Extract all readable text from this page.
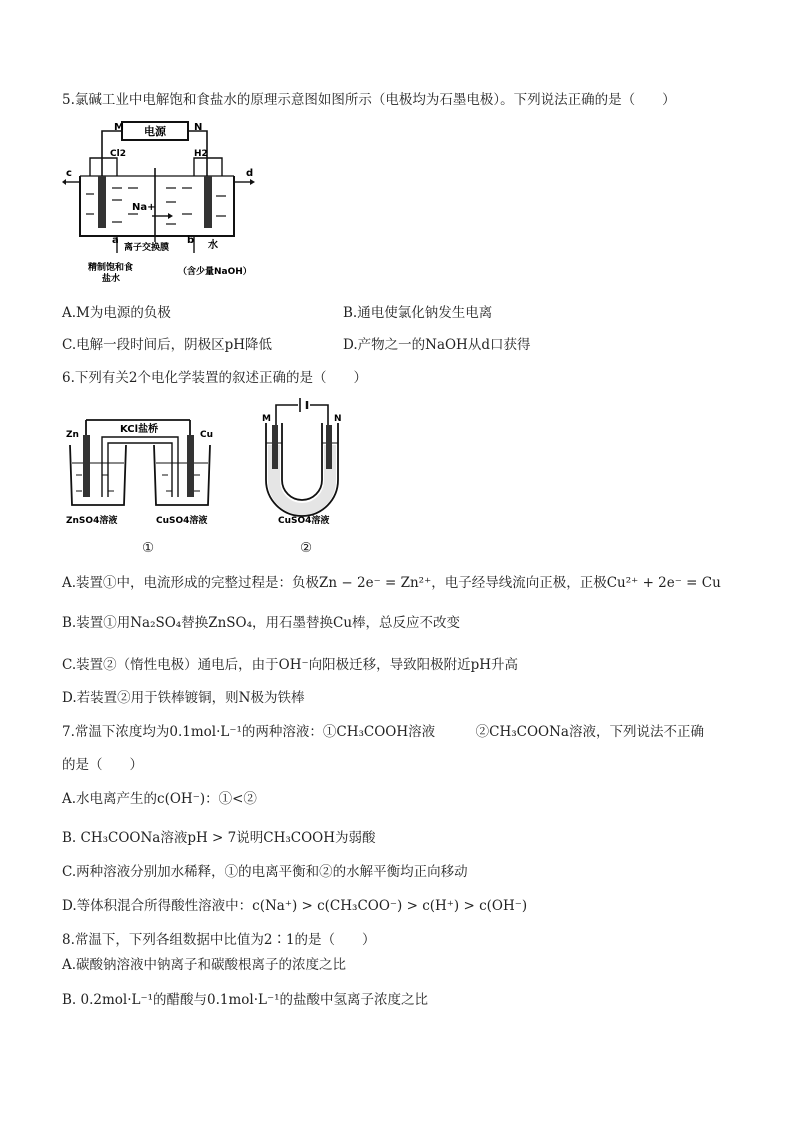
5.氯碱工业中电解饱和食盐水的原理示意图如图所示（电极均为石墨电极）。下列说法正确的是（　　）
电源
M	N
Cl2	H2
c	d
Na+
a	b
离子交换膜	水
精制饱和食
盐水
（含少量NaOH）
A.M为电源的负极	B.通电使氯化钠发生电离
C.电解一段时间后，阴极区pH降低	D.产物之一的NaOH从d口获得
6.下列有关2个电化学装置的叙述正确的是（　　）
Zn	Cu
KCl盐桥
ZnSO4溶液	CuSO4溶液
①
M	N
CuSO4溶液
②
A.装置①中，电流形成的完整过程是：负极Zn − 2e⁻ = Zn²⁺，电子经导线流向正极，正极Cu²⁺ + 2e⁻ = Cu
B.装置①用Na₂SO₄替换ZnSO₄，用石墨替换Cu棒，总反应不改变
C.装置②（惰性电极）通电后，由于OH⁻向阳极迁移，导致阳极附近pH升高
D.若装置②用于铁棒镀铜，则N极为铁棒
7.常温下浓度均为0.1mol·L⁻¹的两种溶液：①CH₃COOH溶液　　　②CH₃COONa溶液，下列说法不正确
的是（　　）
A.水电离产生的c(OH⁻)：①<②
B. CH₃COONa溶液pH > 7说明CH₃COOH为弱酸
C.两种溶液分别加水稀释，①的电离平衡和②的水解平衡均正向移动
D.等体积混合所得酸性溶液中：c(Na⁺) > c(CH₃COO⁻) > c(H⁺) > c(OH⁻)
8.常温下，下列各组数据中比值为2∶1的是（　　）
A.碳酸钠溶液中钠离子和碳酸根离子的浓度之比
B. 0.2mol·L⁻¹的醋酸与0.1mol·L⁻¹的盐酸中氢离子浓度之比
